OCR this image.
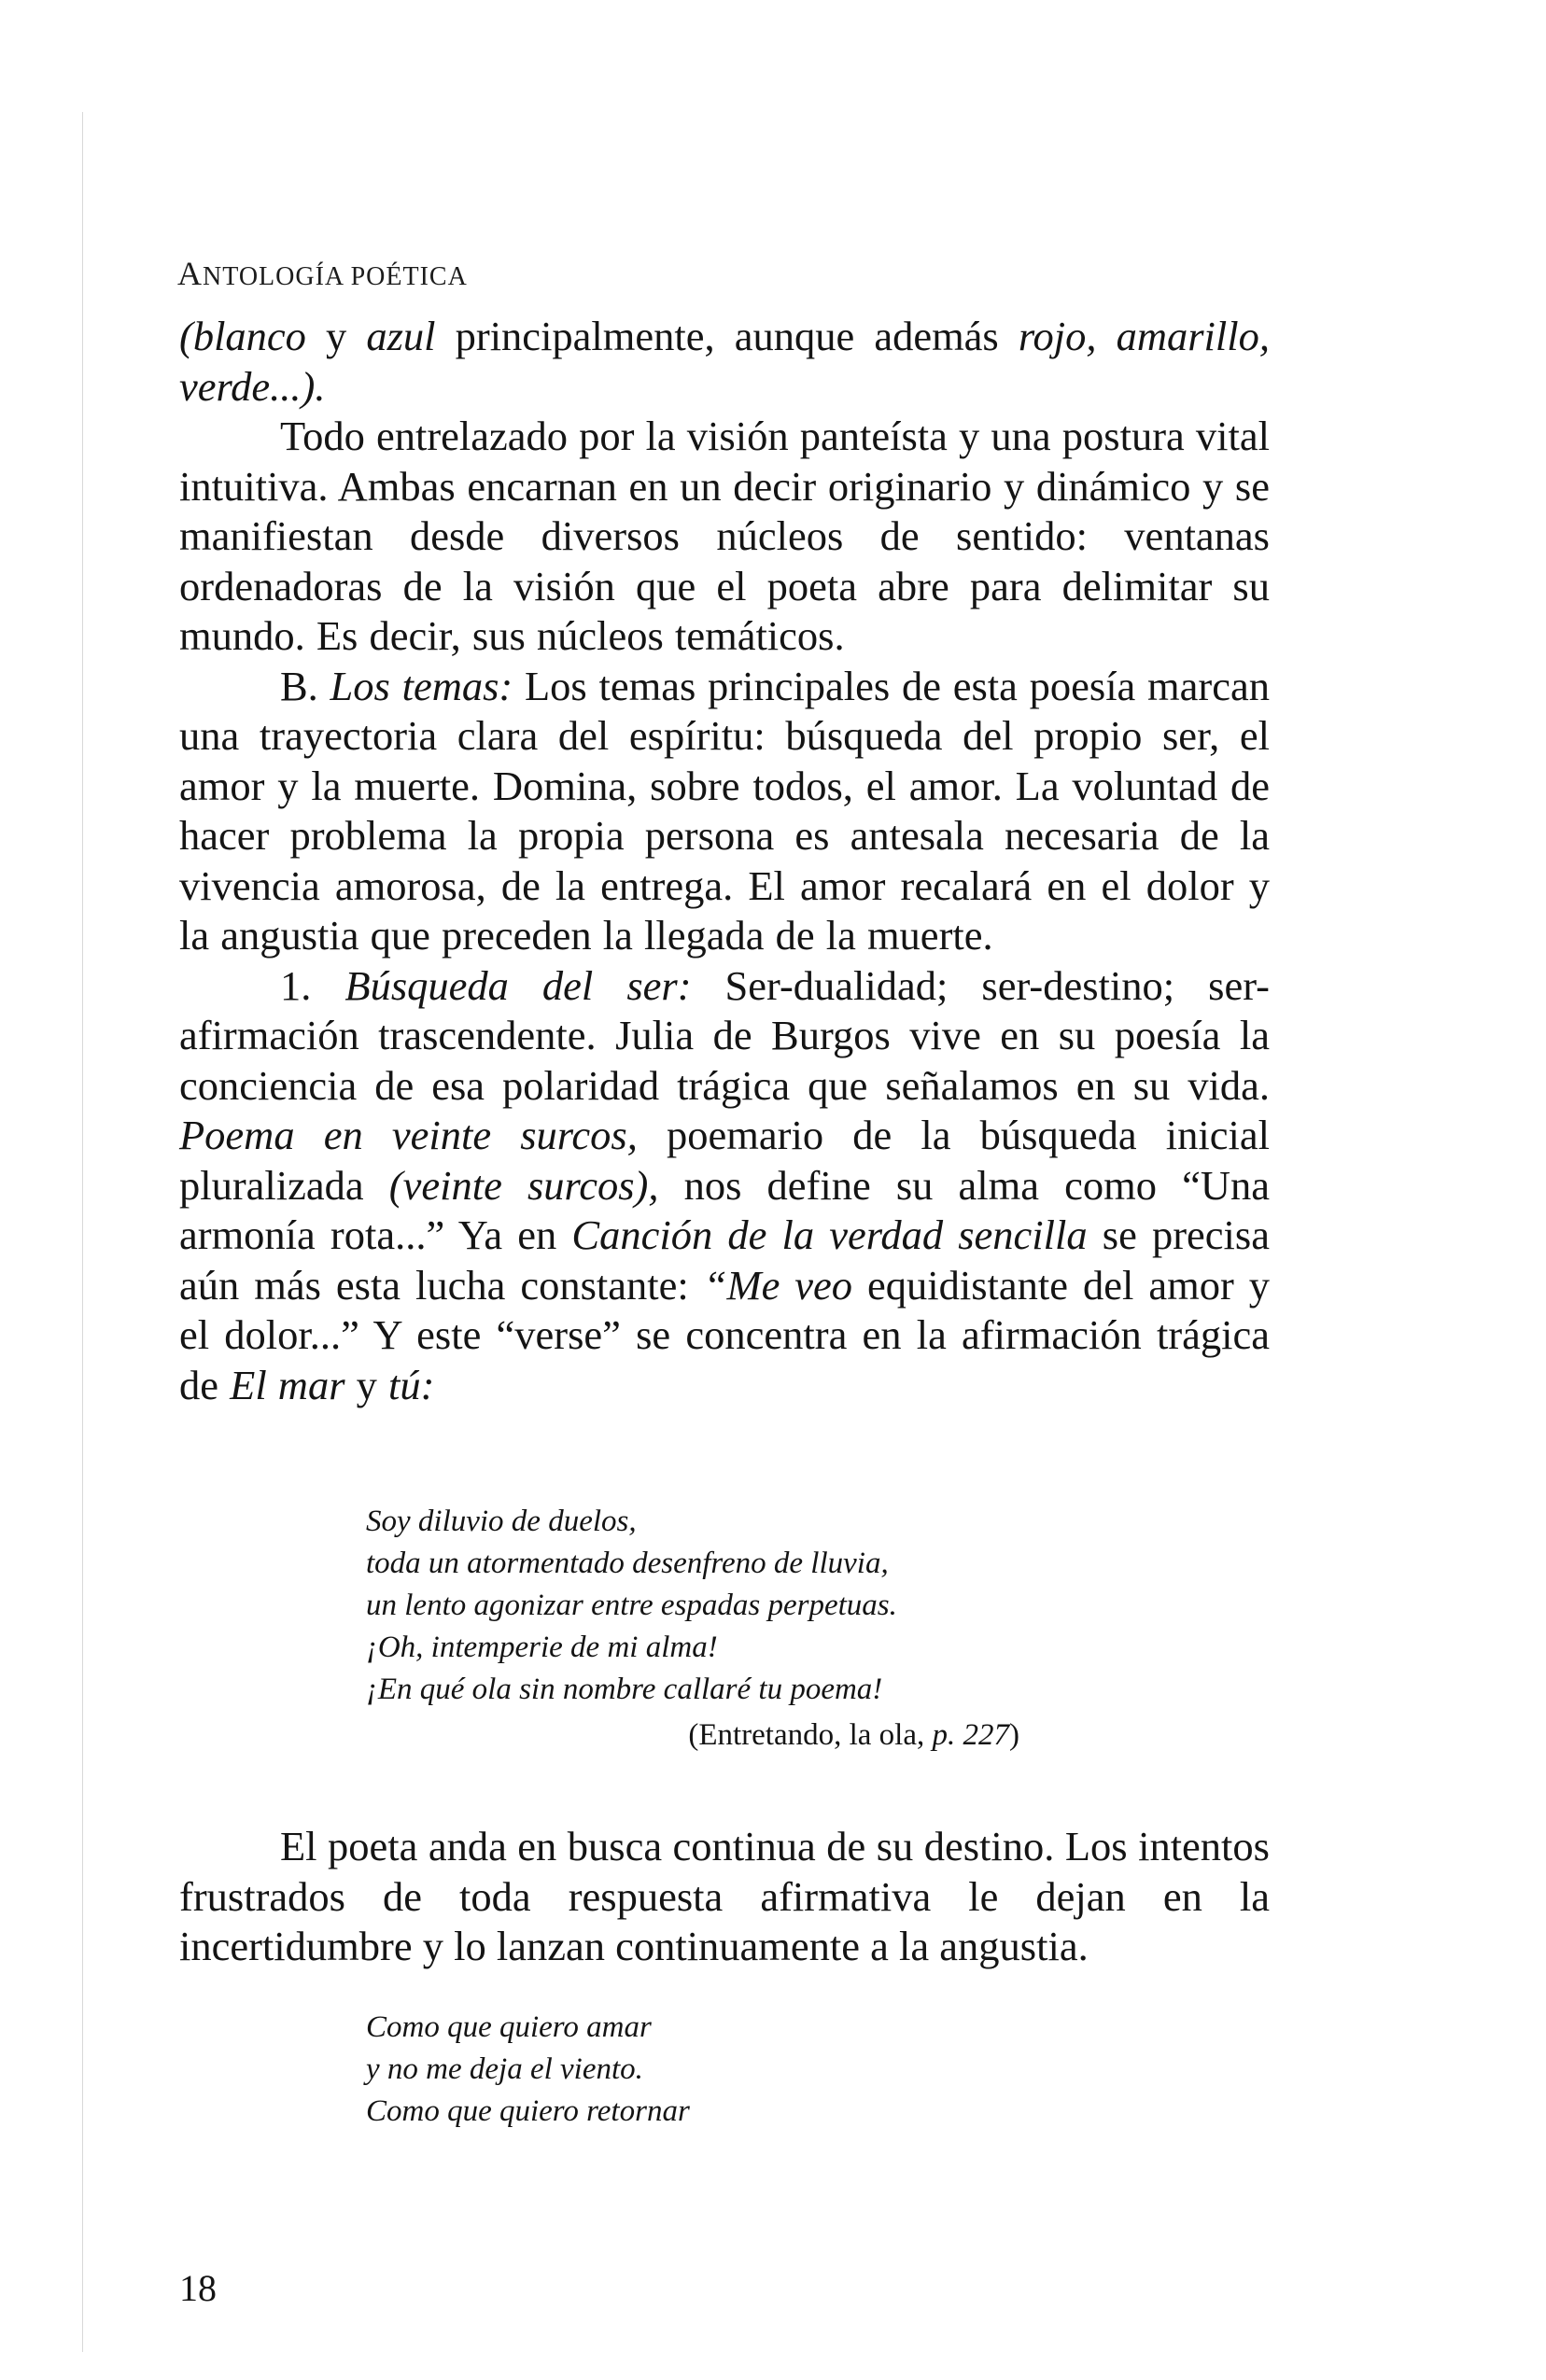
ANTOLOGÍA POÉTICA

(blanco y azul principalmente, aunque además rojo, amarillo, verde...).

Todo entrelazado por la visión panteísta y una postura vital intuitiva. Ambas encarnan en un decir originario y dinámico y se manifiestan desde diversos núcleos de sentido: ventanas ordenadoras de la visión que el poeta abre para delimitar su mundo. Es decir, sus núcleos temáticos.

B. Los temas: Los temas principales de esta poesía marcan una trayectoria clara del espíritu: búsqueda del propio ser, el amor y la muerte. Domina, sobre todos, el amor. La voluntad de hacer problema la propia persona es antesala necesaria de la vivencia amorosa, de la entrega. El amor recalará en el dolor y la angustia que preceden la llegada de la muerte.

1. Búsqueda del ser: Ser-dualidad; ser-destino; ser-afirmación trascendente. Julia de Burgos vive en su poesía la conciencia de esa polaridad trágica que señalamos en su vida. Poema en veinte surcos, poemario de la búsqueda inicial pluralizada (veinte surcos), nos define su alma como “Una armonía rota...” Ya en Canción de la verdad sencilla se precisa aún más esta lucha constante: “Me veo equidistante del amor y el dolor...” Y este “verse” se concentra en la afirmación trágica de El mar y tú:

Soy diluvio de duelos,

toda un atormentado desenfreno de lluvia,

un lento agonizar entre espadas perpetuas.

¡Oh, intemperie de mi alma!

¡En qué ola sin nombre callaré tu poema!

(Entretando, la ola, p. 227)

El poeta anda en busca continua de su destino. Los intentos frustrados de toda respuesta afirmativa le dejan en la incertidumbre y lo lanzan continuamente a la angustia.

Como que quiero amar

y no me deja el viento.

Como que quiero retornar

18
